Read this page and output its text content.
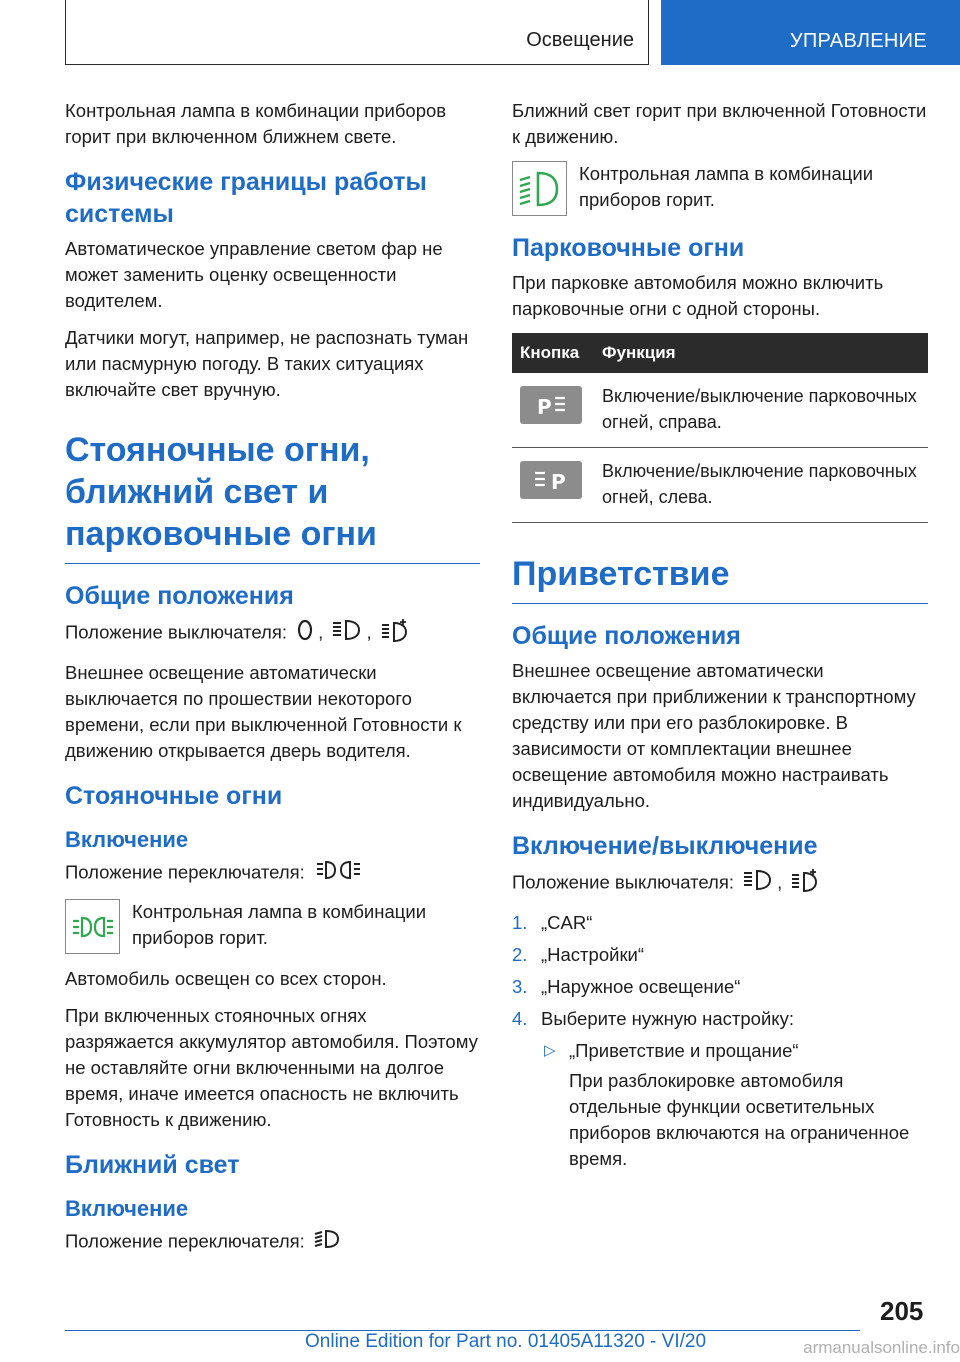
Освещение	УПРАВЛЕНИЕ

Контрольная лампа в комбинации приборов горит при включенном ближнем свете.

Физические границы работы системы

Автоматическое управление светом фар не может заменить оценку освещенности водителем.

Датчики могут, например, не распознать туман или пасмурную погоду. В таких ситуациях включайте свет вручную.

Стояночные огни, ближний свет и парковочные огни
Общие положения

Положение выключателя: , ,

Внешнее освещение автоматически выключается по прошествии некоторого времени, если при выключенной Готовности к движению открывается дверь водителя.

Стояночные огни
Включение

Положение переключателя:

Контрольная лампа в комбинации приборов горит.

Автомобиль освещен со всех сторон.

При включенных стояночных огнях разряжается аккумулятор автомобиля. Поэтому не оставляйте огни включенными на долгое время, иначе имеется опасность не включить Готовность к движению.

Ближний свет
Включение

Положение переключателя:

Ближний свет горит при включенной Готовности к движению.

Контрольная лампа в комбинации приборов горит.

Парковочные огни

При парковке автомобиля можно включить парковочные огни с одной стороны.

Кнопка	Функция

P	Включение/выключение парковочных огней, справа.

P	Включение/выключение парковочных огней, слева.
Приветствие
Общие положения

Внешнее освещение автоматически включается при приближении к транспортному средству или при его разблокировке. В зависимости от комплектации внешнее освещение автомобиля можно настраивать индивидуально.

Включение/выключение

Положение выключателя: ,

1. „CAR“
2. „Настройки“
3. „Наружное освещение“
4. Выберите нужную настройку:
▷ „Приветствие и прощание“
При разблокировке автомобиля отдельные функции осветительных приборов включаются на ограниченное время.
205
Online Edition for Part no. 01405A11320 - VI/20	armanualsonline.info
